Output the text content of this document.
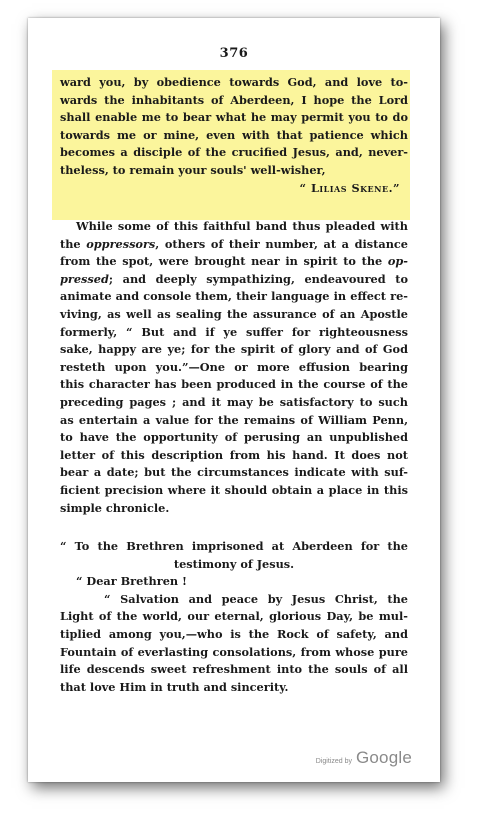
376
ward you, by obedience towards God, and love to-
wards the inhabitants of Aberdeen, I hope the Lord
shall enable me to bear what he may permit you to do
towards me or mine, even with that patience which
becomes a disciple of the crucified Jesus, and, never-
theless, to remain your souls' well-wisher,
“ Lilias Skene.”
While some of this faithful band thus pleaded with
the oppressors, others of their number, at a distance
from the spot, were brought near in spirit to the op-
pressed; and deeply sympathizing, endeavoured to
animate and console them, their language in effect re-
viving, as well as sealing the assurance of an Apostle
formerly, “ But and if ye suffer for righteousness
sake, happy are ye; for the spirit of glory and of God
resteth upon you.”—One or more effusion bearing
this character has been produced in the course of the
preceding pages ; and it may be satisfactory to such
as entertain a value for the remains of William Penn,
to have the opportunity of perusing an unpublished
letter of this description from his hand. It does not
bear a date; but the circumstances indicate with suf-
ficient precision where it should obtain a place in this
simple chronicle.
“ To the Brethren imprisoned at Aberdeen for the
testimony of Jesus.
“ Dear Brethren !
“ Salvation and peace by Jesus Christ, the
Light of the world, our eternal, glorious Day, be mul-
tiplied among you,—who is the Rock of safety, and
Fountain of everlasting consolations, from whose pure
life descends sweet refreshment into the souls of all
that love Him in truth and sincerity.
Digitized by Google
